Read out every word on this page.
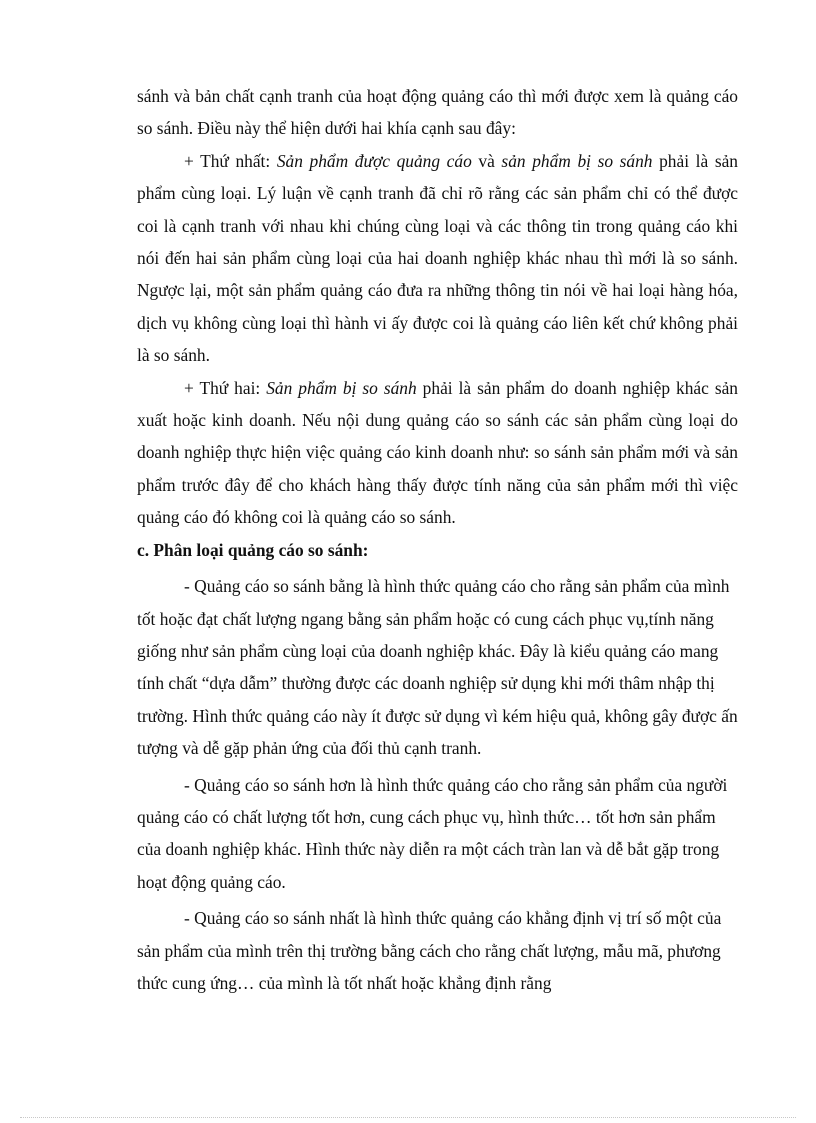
sánh và bản chất cạnh tranh của hoạt động quảng cáo thì mới được xem là quảng cáo so sánh. Điều này thể hiện dưới hai khía cạnh sau đây:

+ Thứ nhất: Sản phẩm được quảng cáo và sản phẩm bị so sánh phải là sản phẩm cùng loại. Lý luận về cạnh tranh đã chỉ rõ rằng các sản phẩm chỉ có thể được coi là cạnh tranh với nhau khi chúng cùng loại và các thông tin trong quảng cáo khi nói đến hai sản phẩm cùng loại của hai doanh nghiệp khác nhau thì mới là so sánh. Ngược lại, một sản phẩm quảng cáo đưa ra những thông tin nói về hai loại hàng hóa, dịch vụ không cùng loại thì hành vi ấy được coi là quảng cáo liên kết chứ không phải là so sánh.

+ Thứ hai: Sản phẩm bị so sánh phải là sản phẩm do doanh nghiệp khác sản xuất hoặc kinh doanh. Nếu nội dung quảng cáo so sánh các sản phẩm cùng loại do doanh nghiệp thực hiện việc quảng cáo kinh doanh như: so sánh sản phẩm mới và sản phẩm trước đây để cho khách hàng thấy được tính năng của sản phẩm mới thì việc quảng cáo đó không coi là quảng cáo so sánh.

c. Phân loại quảng cáo so sánh:

- Quảng cáo so sánh bằng là hình thức quảng cáo cho rằng sản phẩm của mình tốt hoặc đạt chất lượng ngang bằng sản phẩm hoặc có cung cách phục vụ,tính năng giống như sản phẩm cùng loại của doanh nghiệp khác. Đây là kiểu quảng cáo mang tính chất “dựa dẫm” thường được các doanh nghiệp sử dụng khi mới thâm nhập thị trường. Hình thức quảng cáo này ít được sử dụng vì kém hiệu quả, không gây được ấn tượng và dễ gặp phản ứng của đối thủ cạnh tranh.

- Quảng cáo so sánh hơn là hình thức quảng cáo cho rằng sản phẩm của người quảng cáo có chất lượng tốt hơn, cung cách phục vụ, hình thức… tốt hơn sản phẩm của doanh nghiệp khác. Hình thức này diễn ra một cách tràn lan và dễ bắt gặp trong hoạt động quảng cáo.

- Quảng cáo so sánh nhất là hình thức quảng cáo khẳng định vị trí số một của sản phẩm của mình trên thị trường bằng cách cho rằng chất lượng, mẫu mã, phương thức cung ứng… của mình là tốt nhất hoặc khẳng định rằng
